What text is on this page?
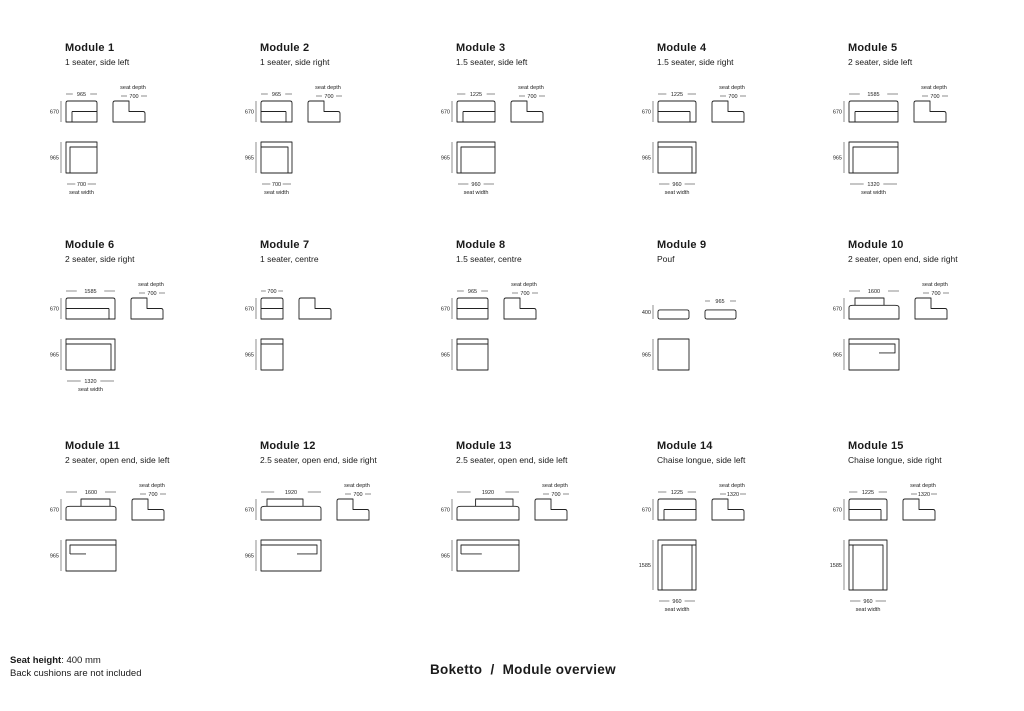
Module 1
1 seater, side left
965
670
seat depth
700
965
700
seat width
Module 2
1 seater, side right
965
670
seat depth
700
965
700
seat width
Module 3
1.5 seater, side left
1225
670
seat depth
700
965
960
seat width
Module 4
1.5 seater, side right
1225
670
seat depth
700
965
960
seat width
Module 5
2 seater, side left
1585
670
seat depth
700
965
1320
seat width
Module 6
2 seater, side right
1585
670
seat depth
700
965
1320
seat width
Module 7
1 seater, centre
700
670
965
Module 8
1.5 seater, centre
965
670
seat depth
700
965
Module 9
Pouf
400
965
965
Module 10
2 seater, open end, side right
1600
670
seat depth
700
965
Module 11
2 seater, open end, side left
1600
670
seat depth
700
965
Module 12
2.5 seater, open end, side right
1920
670
seat depth
700
965
Module 13
2.5 seater, open end, side left
1920
670
seat depth
700
965
Module 14
Chaise longue, side left
1225
670
seat depth
1320
1585
960
seat width
Module 15
Chaise longue, side right
1225
670
seat depth
1320
1585
960
seat width
Seat height: 400 mm
Back cushions are not included	Boketto  /  Module overview
